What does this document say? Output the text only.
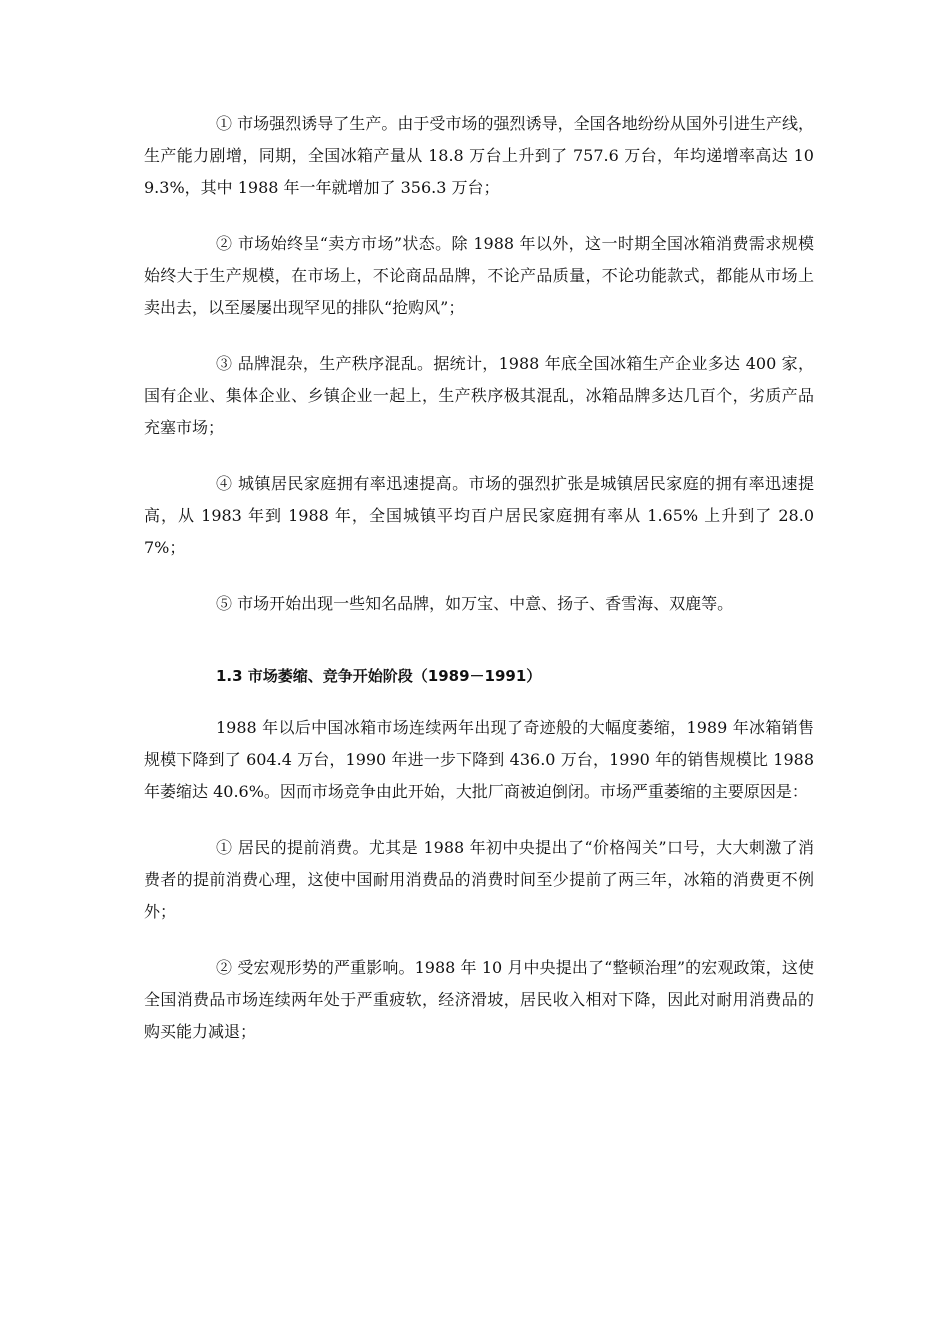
① 市场强烈诱导了生产。由于受市场的强烈诱导，全国各地纷纷从国外引进生产线，生产能力剧增，同期，全国冰箱产量从 18.8 万台上升到了 757.6 万台，年均递增率高达 109.3%，其中 1988 年一年就增加了 356.3 万台；

② 市场始终呈“卖方市场”状态。除 1988 年以外，这一时期全国冰箱消费需求规模始终大于生产规模，在市场上，不论商品品牌，不论产品质量，不论功能款式，都能从市场上卖出去，以至屡屡出现罕见的排队“抢购风”；

③ 品牌混杂，生产秩序混乱。据统计，1988 年底全国冰箱生产企业多达 400 家，国有企业、集体企业、乡镇企业一起上，生产秩序极其混乱，冰箱品牌多达几百个，劣质产品充塞市场；

④ 城镇居民家庭拥有率迅速提高。市场的强烈扩张是城镇居民家庭的拥有率迅速提高，从 1983 年到 1988 年，全国城镇平均百户居民家庭拥有率从 1.65% 上升到了 28.07%；

⑤ 市场开始出现一些知名品牌，如万宝、中意、扬子、香雪海、双鹿等。

1.3 市场萎缩、竞争开始阶段（1989－1991）

1988 年以后中国冰箱市场连续两年出现了奇迹般的大幅度萎缩，1989 年冰箱销售规模下降到了 604.4 万台，1990 年进一步下降到 436.0 万台，1990 年的销售规模比 1988 年萎缩达 40.6%。因而市场竞争由此开始，大批厂商被迫倒闭。市场严重萎缩的主要原因是：

① 居民的提前消费。尤其是 1988 年初中央提出了“价格闯关”口号，大大刺激了消费者的提前消费心理，这使中国耐用消费品的消费时间至少提前了两三年，冰箱的消费更不例外；

② 受宏观形势的严重影响。1988 年 10 月中央提出了“整顿治理”的宏观政策，这使全国消费品市场连续两年处于严重疲软，经济滑坡，居民收入相对下降，因此对耐用消费品的购买能力减退；
